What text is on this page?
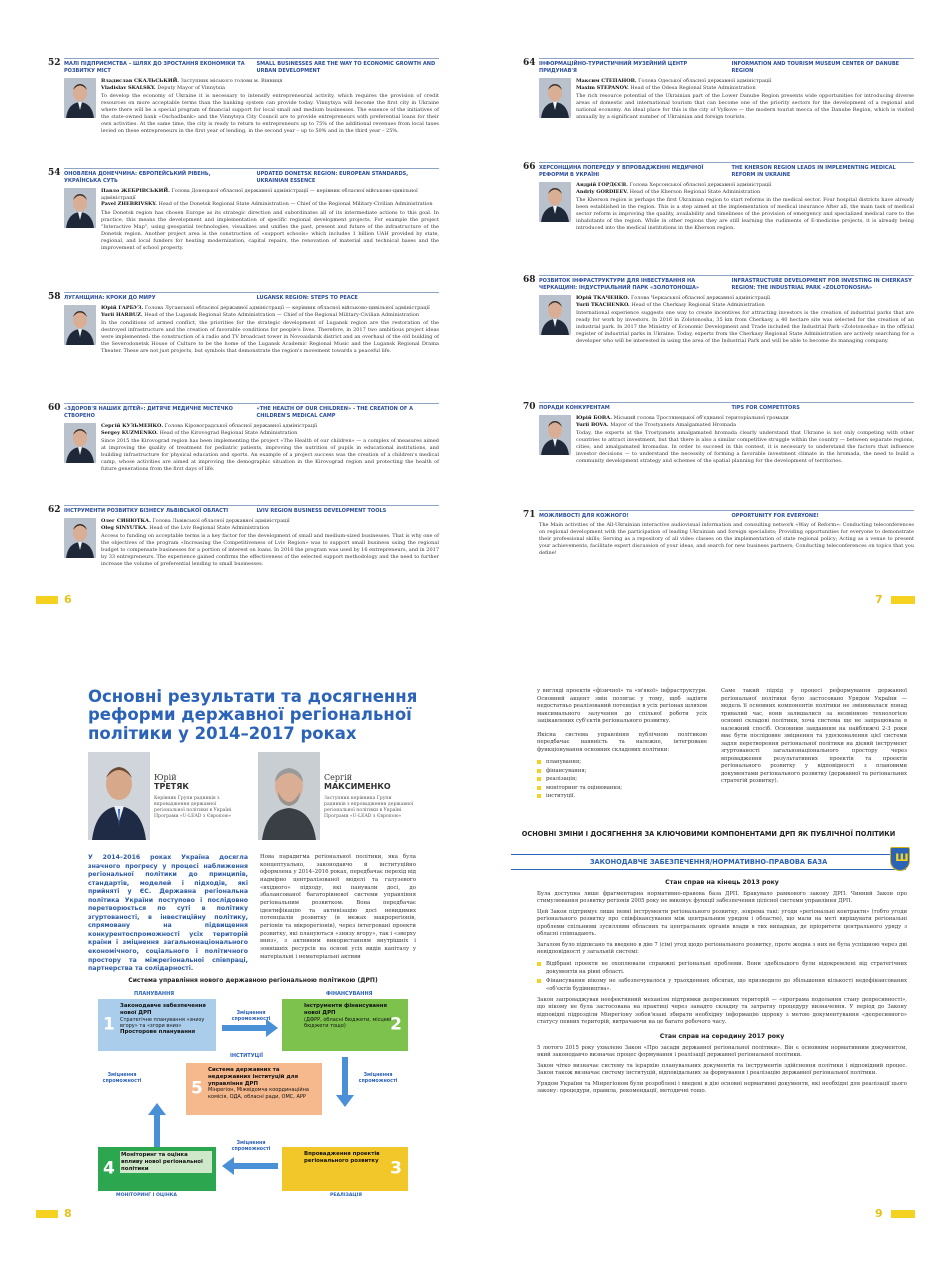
52 МАЛІ ПІДПРИЄМСТВА – ШЛЯХ ДО ЗРОСТАННЯ ЕКОНОМІКИ ТА РОЗВИТКУ МІСТ
SMALL BUSINESSES ARE THE WAY TO ECONOMIC GROWTH AND URBAN DEVELOPMENT
Владислав СКАЛЬСЬКИЙ. Заступник міського голови м. Вінниця
Vladislav SKALSKY. Deputy Mayor of Vinnytsia
To develop the economy of Ukraine it is necessary to intensify entrepreneurial activity, which requires the provision of credit resources on more acceptable terms than the banking system can provide today. Vinnytsya will become the first city in Ukraine where there will be a special program of financial support for local small and medium businesses. The essence of the initiatives of the state-owned bank «Oschadbank» and the Vinnytsya City Council are to provide entrepreneurs with preferential loans for their own activities. At the same time, the city is ready to return to entrepreneurs up to 75% of the additional revenues from local taxes levied on these entrepreneurs in the first year of lending, in the second year – up to 50% and in the third year – 25%.
54 ОНОВЛЕНА ДОНЕЧЧИНА: ЄВРОПЕЙСЬКИЙ РІВЕНЬ, УКРАЇНСЬКА СУТЬ
UPDATED DONETSK REGION: EUROPEAN STANDARDS, UKRAINIAN ESSENCE
Павло ЖЕБРІВСЬКИЙ. Голова Донецької обласної державної адміністрації — керівник обласної військово-цивільної адміністрації
Pavel ZHEBRIVSKY. Head of the Donetsk Regional State Administration — Chief of the Regional Military-Civilian Administration
The Donetsk region has chosen Europe as its strategic direction and subordinates all of its intermediate actions to this goal. In practice, this means the development and implementation of specific regional development projects. For example the project "Interactive Map", using geospatial technologies, visualizes and unifies the past, present and future of the infrastructure of the Donetsk region. Another project area is the construction of «support schools» which includes 1 billion UAH provided by state, regional, and local funders for heating modernization, capital repairs, the renovation of material and technical bases and the improvement of school property.
58 ЛУГАНЩИНА: КРОКИ ДО МИРУ	LUGANSK REGION: STEPS TO PEACE
Юрій ГАРБУЗ. Голова Луганської обласної державної адміністрації — керівник обласної військово-цивільної адміністрації
Yurii HARBUZ. Head of the Lugansk Regional State Administration — Chief of the Regional Military-Civilian Administration
In the conditions of armed conflict, the priorities for the strategic development of Lugansk region are the restoration of the destroyed infrastructure and the creation of favorable conditions for people's lives. Therefore, in 2017 two ambitious project ideas were implemented: the construction of a radio and TV broadcast tower in Novoaidarsk district and an overhaul of the old building of the Severodonetsk House of Culture to be the home of the Lugansk Academic Regional Music and the Lugansk Regional Drama Theater. These are not just projects, but symbols that demonstrate the region's movement towards a peaceful life.
60 «ЗДОРОВ'Я НАШИХ ДІТЕЙ»: ДИТЯЧЕ МЕДИЧНЕ МІСТЕЧКО СТВОРЕНО
«THE HEALTH OF OUR CHILDREN» - THE CREATION OF A CHILDREN'S MEDICAL CAMP
Сергій КУЗЬМЕНКО. Голова Кіровоградської обласної державної адміністрації
Sergey KUZMENKO. Head of the Kirovograd Regional State Administration
Since 2015 the Kirovograd region has been implementing the project «The Health of our children» — a complex of measures aimed at improving the quality of treatment for pediatric patients, improving the nutrition of pupils in educational institutions, and building infrastructure for physical education and sports. An example of a project success was the creation of a children's medical camp, whose activities are aimed at improving the demographic situation in the Kirovograd region and protecting the health of future generations from the first days of life.
62 ІНСТРУМЕНТИ РОЗВИТКУ БІЗНЕСУ ЛЬВІВСЬКОЇ ОБЛАСТІ	LVIV REGION BUSINESS DEVELOPMENT TOOLS
Олег СИНЮТКА. Голова Львівської обласної державної адміністрації
Oleg SINYUTKA. Head of the Lviv Regional State Administration
Access to funding on acceptable terms is a key factor for the development of small and medium-sized businesses. That is why one of the objectives of the program «Increasing the Competitiveness of Lviv Region» was to support small business using the regional budget to compensate businesses for a portion of interest on loans. In 2016 the program was used by 16 entrepreneurs, and in 2017 by 33 entrepreneurs. The experience gained confirms the effectiveness of the selected support methodology and the need to further increase the volume of preferential lending to small businesses.
6
64 ІНФОРМАЦІЙНО-ТУРИСТИЧНИЙ МУЗЕЙНИЙ ЦЕНТР ПРИДУНАВ'Я
INFORMATION AND TOURISM MUSEUM CENTER OF DANUBE REGION
Максим СТЕПАНОВ. Голова Одеської обласної державної адміністрації
Maxim STEPANOV. Head of the Odesa Regional State Administration
The rich resource potential of the Ukrainian part of the Lower Danube Region presents wide opportunities for introducing diverse areas of domestic and international tourism that can become one of the priority sectors for the development of a regional and national economy. An ideal place for this is the city of Vylkove — the modern tourist mecca of the Danube Region, which is visited annually by a significant number of Ukrainian and foreign tourists.
66 ХЕРСОНЩИНА ПОПЕРЕДУ У ВПРОВАДЖЕННІ МЕДИЧНОЇ РЕФОРМИ В УКРАЇНІ
THE KHERSON REGION LEADS IN IMPLEMENTING MEDICAL REFORM IN UKRAINE
Андрій ГОРДЄЄВ. Голова Херсонської обласної державної адміністрації
Andriy GORDIEEV. Head of the Kherson Regional State Administration
The Kherson region is perhaps the first Ukrainian region to start reforms in the medical sector. Four hospital districts have already been established in the region. This is a step aimed at the implementation of medical insurance After all, the main task of medical sector reform is improving the quality, availability and timeliness of the provision of emergency and specialized medical care to the inhabitants of the region. While in other regions they are still learning the rudiments of E-medicine projects, it is already being introduced into the medical institutions in the Kherson region.
68 РОЗВИТОК ІНФРАСТРУКТУРИ ДЛЯ ІНВЕСТУВАННЯ НА ЧЕРКАЩИНІ: ІНДУСТРІАЛЬНИЙ ПАРК «ЗОЛОТОНОША»
INFRASTRUCTURE DEVELOPMENT FOR INVESTING IN CHERKASY REGION: THE INDUSTRIAL PARK «ZOLOTONOSHA»
Юрій ТКАЧЕНКО. Голова Черкаської обласної державної адміністрації
Yurii TKACHENKO. Head of the Cherkasy Regional State Administration
International experience suggests one way to create incentives for attracting investors is the creation of industrial parks that are ready for work by investors. In 2016 in Zolotonosha, 35 km from Cherkasy, a 40 hectare site was selected for the creation of an industrial park. In 2017 the Ministry of Economic Development and Trade included the Industrial Park «Zolotonosha» in the official register of industrial parks in Ukraine. Today, experts from the Cherkasy Regional State Administration are actively searching for a developer who will be interested in using the area of the Industrial Park and will be able to become its managing company.
70 ПОРАДИ КОНКУРЕНТАМ	TIPS FOR COMPETITORS
Юрій БОВА. Міський голова Тростянецької об'єднаної територіальної громади
Yurii BOVA. Mayor of the Trostyanets Amalgamated Hromada
Today, the experts at the Trostyanets amalgamated hromada clearly understand that Ukraine is not only competing with other countries to attract investment, but that there is also a similar competitive struggle within the country — between separate regions, cities, and amalgamated hromadas. In order to succeed in this contest, it is necessary to understand the factors that influence investor decisions — to understand the necessity of forming a favorable investment climate in the hromada, the need to build a community development strategy and schemes of the spatial planning for the development of territories.
71 МОЖЛИВОСТІ ДЛЯ КОЖНОГО!	OPPORTUNITY FOR EVERYONE!
The Main activities of the All-Ukrainian interactive audiovisual information and consulting network «Way of Reform»: Conducting teleconferences on regional development with the participation of leading Ukrainian and foreign specialists; Providing opportunities for everyone to demonstrate their professional skills; Serving as a repository of all video classes on the implementation of state regional policy; Acting as a venue to present your achievements, facilitate expert discussion of your ideas, and search for new business partners; Conducting teleconferences on topics that you define!
7
Основні результати та досягнення реформи державної регіональної політики у 2014–2017 роках
Юрій
ТРЕТЯК
Керівник Групи радників з впровадження державної регіональної політики в Україні Програми «U-LEAD з Європою»
Сергій
МАКСИМЕНКО
Заступник керівника Групи радників з впровадження державної регіональної політики в Україні Програми «U-LEAD з Європою»
У 2014–2016 роках Україна досягла значного прогресу у процесі наближення регіональної політики до принципів, стандартів, моделей і підходів, які прийняті у ЄС. Державна регіональна політика України поступово і послідовно перетворюється по суті в політику згуртованості, в інвестиційну політику, спрямовану на підвищення конкурентоспроможності усіх територій країни і зміцнення загальнонаціонального економічного, соціального і політичного простору та міжрегіональної співпраці, партнерства та солідарності.
Нова парадигма регіональної політики, яка була концептуально, законодавчо й інституційно оформлена у 2014–2016 роках, передбачає перехід від надмірно централізованої моделі та галузевого «вхідного» підходу, які панували досі, до збалансованої багаторівневої системи управління регіональним розвитком. Вона передбачає ідентифікацію та активізацію досі невидимих потенціалів розвитку (в межах макрорегіонів, регіонів та мікрорегіонів), через інтегровані проекти розвитку, які плануються «знизу вгору», так і «зверху вниз», з активним використанням внутрішніх і зовнішніх ресурсів на основі усіх видів капіталу у матеріальні і нематеріальні активи
Система управління нового державною регіональною політикою (ДРП)
ПЛАНУВАННЯ	ФІНАНСУВАННЯ
1
Законодавче забезпечення нової ДРП
Стратегічне планування «знизу вгору» та «згори вниз»

Просторове планування	2
Інструменти фінансування нової ДРП
(ДФРР, обласні бюджети, місцеві бюджети тощо)
Зміцнення спроможності
Зміцнення спроможності
Зміцнення спроможності
Зміцнення спроможності
ІНСТИТУЦІЇ
5
Система державних та недержавних інституцій для управління ДРП
Мінрегіон, Міжвідомча координаційна комісія, ОДА, обласні ради, ОМС, АРР
4
Моніторинг та оцінка впливу нової регіональної політики	3
Впровадження проектів регіонального розвитку
МОНІТОРИНГ І ОЦІНКА	РЕАЛІЗАЦІЯ
8

у вигляді проектів «фізичної» та «м'якої» інфраструктури. Основний акцент змін полягає у тому, щоб задіяти недостатньо реалізований потенціал в усіх регіонах шляхом максимального залучення до спільної роботи усіх зацікавлених суб'єктів регіонального розвитку.

Якісна система управління публічною політикою передбачає наявність та належне, інтегроване функціонування основних складових політики:

планування;
фінансування;
реалізація;
моніторинг та оцінювання;
інституції.
Саме такий підхід у процесі реформування державної регіональної політики було застосовано Урядом України — модель її основних компонентів політики не змінювалася понад тривалий час, вони залишалися за незмінною технологією основні складові політики, хоча система ще не запрацювала в належний спосіб. Основним завданням на найближчі 2-3 роки має бути послідовне зміцнення та удосконалення цієї системи задля перетворення регіональної політики на дієвий інструмент згуртованості загальнонаціонального простору через впровадження результативних проектів та проектів регіонального розвитку у відповідності з плановими документами регіонального розвитку (державної та регіональних стратегій розвитку).
ОСНОВНІ ЗМІНИ І ДОСЯГНЕННЯ ЗА КЛЮЧОВИМИ КОМПОНЕНТАМИ ДРП ЯК ПУБЛІЧНОЇ ПОЛІТИКИ
ЗАКОНОДАВЧЕ ЗАБЕЗПЕЧЕННЯ/НОРМАТИВНО-ПРАВОВА БАЗА
ш
Стан справ на кінець 2013 року

Була доступна лише фрагментарна нормативно-правова база ДРП. Бракувало рамкового закону ДРП. Чинний Закон про стимулювання розвитку регіонів 2005 року не виконує функції забезпечення цілісної системи управління ДРП.

Цей Закон підтримує лише певні інструменти регіонального розвитку, зокрема такі: угоди «регіональні контракти» (тобто угоди регіонального розвитку про співфінансування між центральним урядом і областю), що мали на меті вирішувати регіональні проблеми спільними зусиллями обласних та центральних органів влади в тих випадках, де пріоритети центрального уряду з обласні співпадають.

Загалом було підписано та введено в дію 7 (сім) угод щодо регіонального розвитку, проте жодна з них не була успішною через дві невідповідності у загальній системі:

Відібрані проекти не охоплювали справжні регіональні проблеми. Вони здебільшого були відокремлені від стратегічних документів на рівні області.
Фінансування нікому не забезпечувалося у трьохденних обсягах, що призводило до збільшення кількості недофінансованих «об'єктів будівництва».

Закон запроваджував неефективний механізм підтримки депресивних територій — «програма подолання стану депресивності», що нікому не була застосована на практиці через занадто складну та затратну процедуру визначення. У період до Закону відповідні підрозділи Мінрегіону зобов'язані збирати необхідну інформацію щороку з метою документування «депресивного» статусу певних територій, витрачаючи на це багато робочого часу.

Стан справ на середину 2017 року

5 лютого 2015 року ухвалено Закон «Про засади державної регіональної політики». Він є основним нормативним документом, який законодавчо визначає процес формування і реалізації державної регіональної політики.

Закон чітко визначає систему та ієрархію планувальних документів та інструментів здійснення політики і відповідний процес. Закон також визначає систему інституцій, відповідальних за формування і реалізацію державної регіональної політики.

Урядом України та Мінрегіоном були розроблені і введені в дію основні нормативні документи, які необхідні для реалізації цього закону: процедури, правила, рекомендації, методичні тощо.

9
